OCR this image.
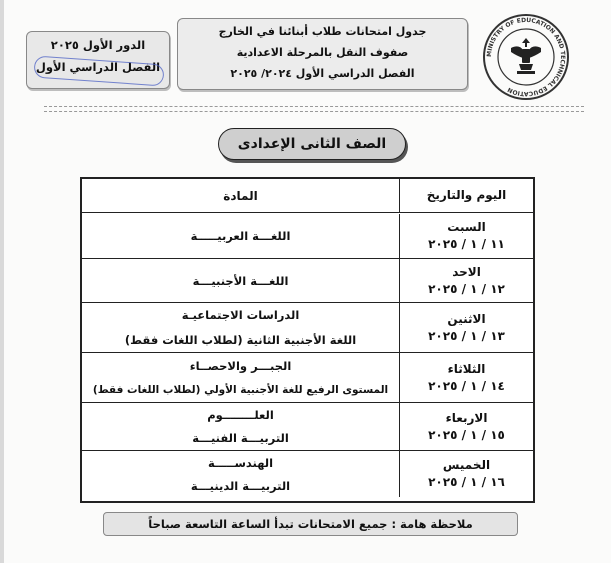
الدور الأول ٢٠٢٥
الفصل الدراسي الأول
جدول امتحانات طلاب أبنائنا في الخارج
صفوف النقل بالمرحلة الاعدادية
الفصل الدراسي الأول ٢٠٢٤/ ٢٠٢٥
MINISTRY OF EDUCATION AND TECHNICAL EDUCATION
الصف الثانى الإعدادى
اليوم والتاريخ
المادة
السبت
١١ / ١ / ٢٠٢٥
اللغـــة العربيـــــة
الاحد
١٢ / ١ / ٢٠٢٥
اللغـــة الأجنبيـــة
الاثنين
١٣ / ١ / ٢٠٢٥
الدراسات الاجتماعيـة
اللغة الأجنبية الثانية (لطلاب اللغات فقط)
الثلاثاء
١٤ / ١ / ٢٠٢٥
الجبـــر والاحصــاء
المستوى الرفيع للغة الأجنبية الأولي (لطلاب اللغات فقط)
الاربعاء
١٥ / ١ / ٢٠٢٥
العلــــــــوم
التربيـــة الفنيـــة
الخميس
١٦ / ١ / ٢٠٢٥
الهندســـــة
التربيـــة الدينيـــة
ملاحظة هامة : جميع الامتحانات تبدأ الساعة التاسعة صباحاً
